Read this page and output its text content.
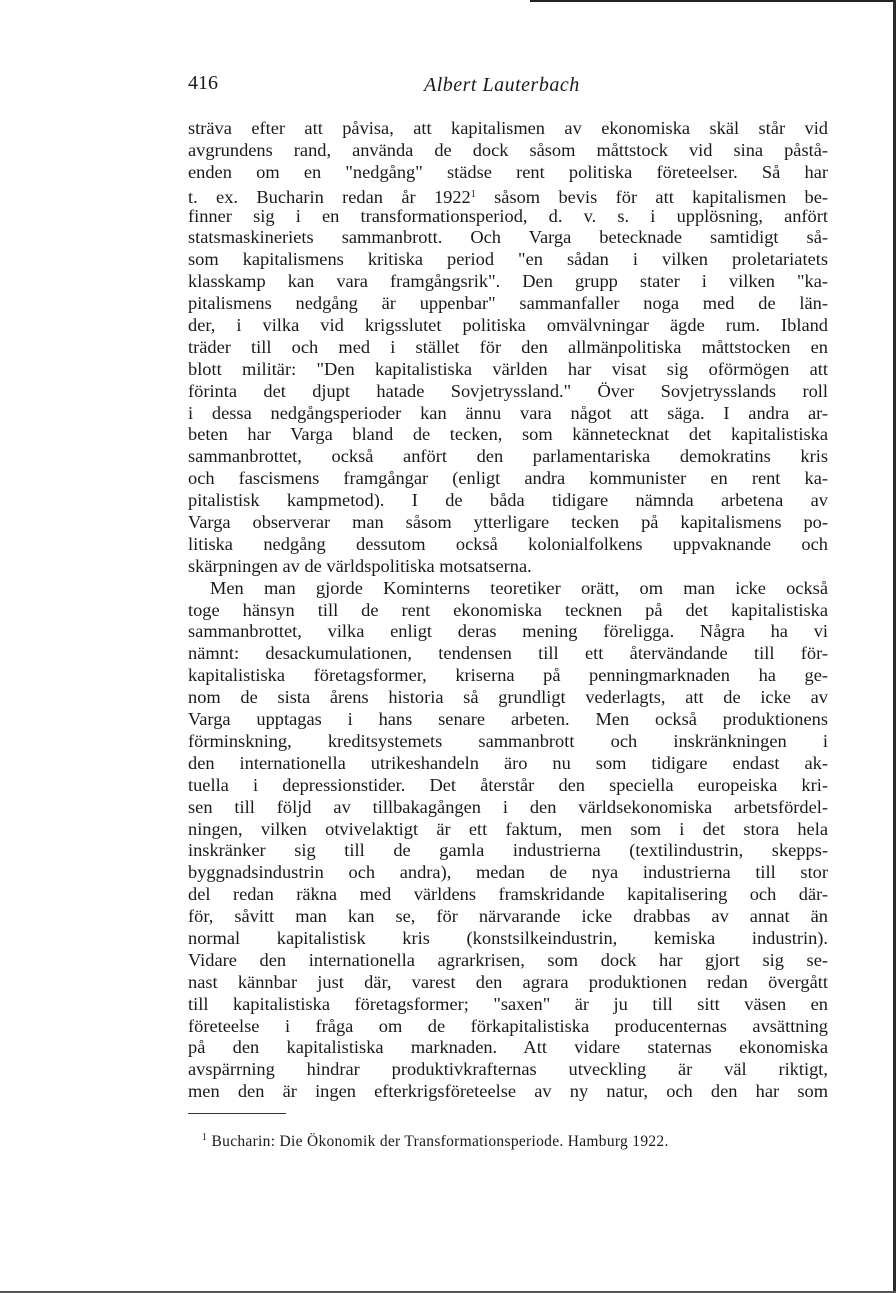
416	Albert Lauterbach
sträva efter att påvisa, att kapitalismen av ekonomiska skäl står vid
avgrundens rand, använda de dock såsom måttstock vid sina påstå-
enden om en "nedgång" städse rent politiska företeelser. Så har
t. ex. Bucharin redan år 1922$^1$ såsom bevis för att kapitalismen be-
finner sig i en transformationsperiod, d. v. s. i upplösning, anfört
statsmaskineriets sammanbrott. Och Varga betecknade samtidigt så-
som kapitalismens kritiska period "en sådan i vilken proletariatets
klasskamp kan vara framgångsrik". Den grupp stater i vilken "ka-
pitalismens nedgång är uppenbar" sammanfaller noga med de län-
der, i vilka vid krigsslutet politiska omvälvningar ägde rum. Ibland
träder till och med i stället för den allmänpolitiska måttstocken en
blott militär: "Den kapitalistiska världen har visat sig oförmögen att
förinta det djupt hatade Sovjetryssland." Över Sovjetrysslands roll
i dessa nedgångsperioder kan ännu vara något att säga. I andra ar-
beten har Varga bland de tecken, som kännetecknat det kapitalistiska
sammanbrottet, också anfört den parlamentariska demokratins kris
och fascismens framgångar (enligt andra kommunister en rent ka-
pitalistisk kampmetod). I de båda tidigare nämnda arbetena av
Varga observerar man såsom ytterligare tecken på kapitalismens po-
litiska nedgång dessutom också kolonialfolkens uppvaknande och
skärpningen av de världspolitiska motsatserna.
Men man gjorde Kominterns teoretiker orätt, om man icke också
toge hänsyn till de rent ekonomiska tecknen på det kapitalistiska
sammanbrottet, vilka enligt deras mening föreligga. Några ha vi
nämnt: desackumulationen, tendensen till ett återvändande till för-
kapitalistiska företagsformer, kriserna på penningmarknaden ha ge-
nom de sista årens historia så grundligt vederlagts, att de icke av
Varga upptagas i hans senare arbeten. Men också produktionens
förminskning, kreditsystemets sammanbrott och inskränkningen i
den internationella utrikeshandeln äro nu som tidigare endast ak-
tuella i depressionstider. Det återstår den speciella europeiska kri-
sen till följd av tillbakagången i den världsekonomiska arbetsfördel-
ningen, vilken otvivelaktigt är ett faktum, men som i det stora hela
inskränker sig till de gamla industrierna (textilindustrin, skepps-
byggnadsindustrin och andra), medan de nya industrierna till stor
del redan räkna med världens framskridande kapitalisering och där-
för, såvitt man kan se, för närvarande icke drabbas av annat än
normal kapitalistisk kris (konstsilkeindustrin, kemiska industrin).
Vidare den internationella agrarkrisen, som dock har gjort sig se-
nast kännbar just där, varest den agrara produktionen redan övergått
till kapitalistiska företagsformer; "saxen" är ju till sitt väsen en
företeelse i fråga om de förkapitalistiska producenternas avsättning
på den kapitalistiska marknaden. Att vidare staternas ekonomiska
avspärrning hindrar produktivkrafternas utveckling är väl riktigt,
men den är ingen efterkrigsföreteelse av ny natur, och den har som
$^1$ Bucharin: Die Ökonomik der Transformationsperiode. Hamburg 1922.
